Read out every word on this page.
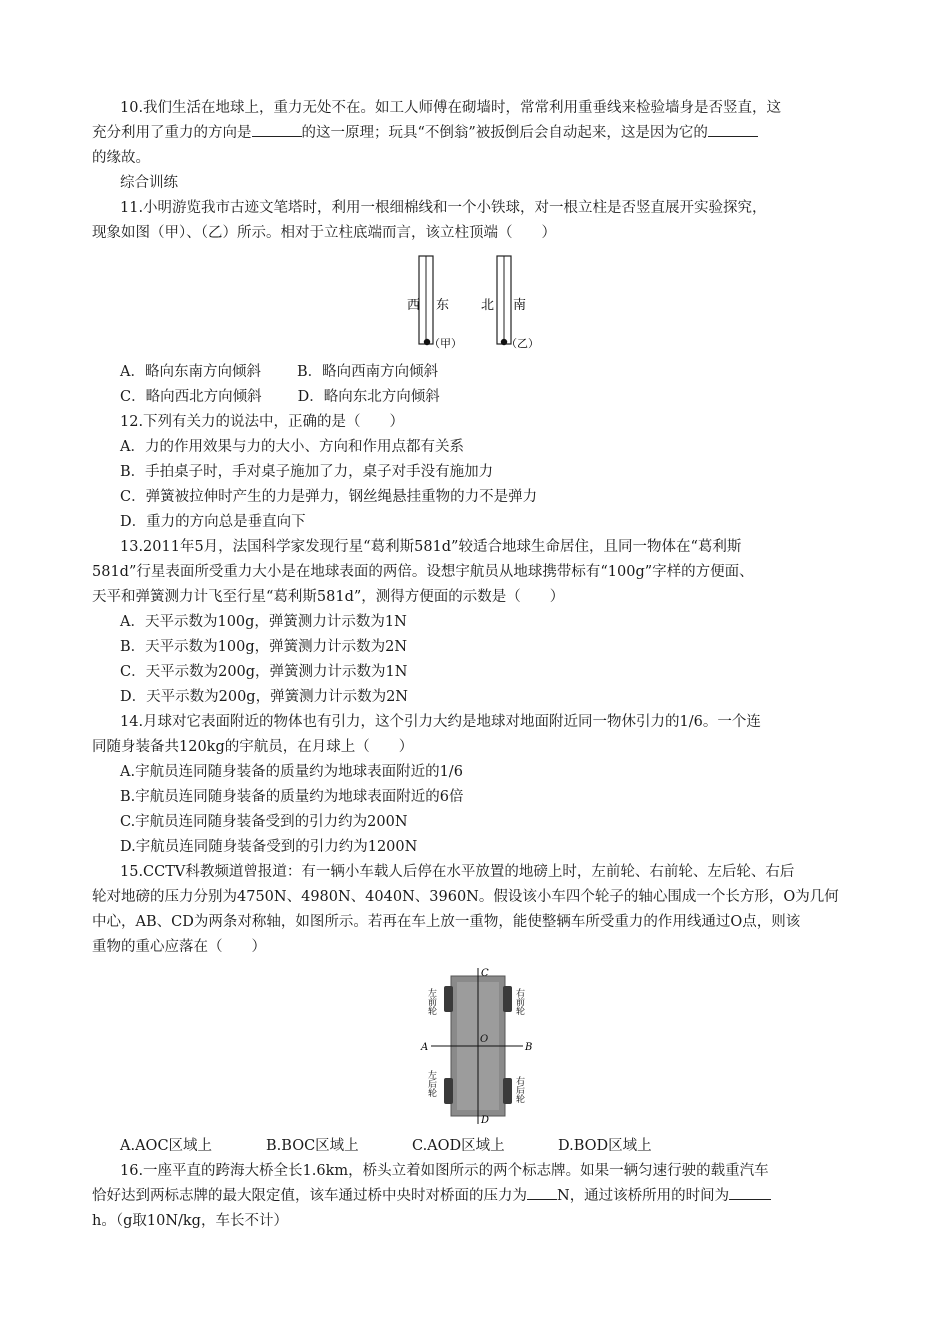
10.我们生活在地球上，重力无处不在。如工人师傅在砌墙时，常常利用重垂线来检验墙身是否竖直，这

充分利用了重力的方向是	的这一原理；玩具“不倒翁”被扳倒后会自动起来，这是因为它的

的缘故。

综合训练

11.小明游览我市古迹文笔塔时，利用一根细棉线和一个小铁球，对一根立柱是否竖直展开实验探究，

现象如图（甲）、（乙）所示。相对于立柱底端而言，该立柱顶端（　　）

西 东 北 南
（甲）	（乙）

A．略向东南方向倾斜 B．略向西南方向倾斜

C．略向西北方向倾斜 D．略向东北方向倾斜

12.下列有关力的说法中，正确的是（　　）

A．力的作用效果与力的大小、方向和作用点都有关系

B．手拍桌子时，手对桌子施加了力，桌子对手没有施加力

C．弹簧被拉伸时产生的力是弹力，钢丝绳悬挂重物的力不是弹力

D．重力的方向总是垂直向下

13.2011年5月，法国科学家发现行星“葛利斯581d”较适合地球生命居住，且同一物体在“葛利斯

581d”行星表面所受重力大小是在地球表面的两倍。设想宇航员从地球携带标有“100g”字样的方便面、

天平和弹簧测力计飞至行星“葛利斯581d”，测得方便面的示数是（　　）

A．天平示数为100g，弹簧测力计示数为1N

B．天平示数为100g，弹簧测力计示数为2N

C．天平示数为200g，弹簧测力计示数为1N

D．天平示数为200g，弹簧测力计示数为2N

14.月球对它表面附近的物体也有引力，这个引力大约是地球对地面附近同一物休引力的1/6。一个连

同随身装备共120kg的宇航员，在月球上（　　）

A.宇航员连同随身装备的质量约为地球表面附近的1/6

B.宇航员连同随身装备的质量约为地球表面附近的6倍

C.宇航员连同随身装备受到的引力约为200N

D.宇航员连同随身装备受到的引力约为1200N

15.CCTV科教频道曾报道：有一辆小车载人后停在水平放置的地磅上时，左前轮、右前轮、左后轮、右后

轮对地磅的压力分别为4750N、4980N、4040N、3960N。假设该小车四个轮子的轴心围成一个长方形，O为几何

中心，AB、CD为两条对称轴，如图所示。若再在车上放一重物，能使整辆车所受重力的作用线通过O点，则该

重物的重心应落在（　　）

C
D
A	B
O
左前轮	右前轮
左后轮	右后轮

A.AOC区域上	B.BOC区域上	C.AOD区域上	D.BOD区域上

16.一座平直的跨海大桥全长1.6km，桥头立着如图所示的两个标志牌。如果一辆匀速行驶的载重汽车

恰好达到两标志牌的最大限定值，该车通过桥中央时对桥面的压力为 N，通过该桥所用的时间为

h。（g取10N/kg，车长不计）
